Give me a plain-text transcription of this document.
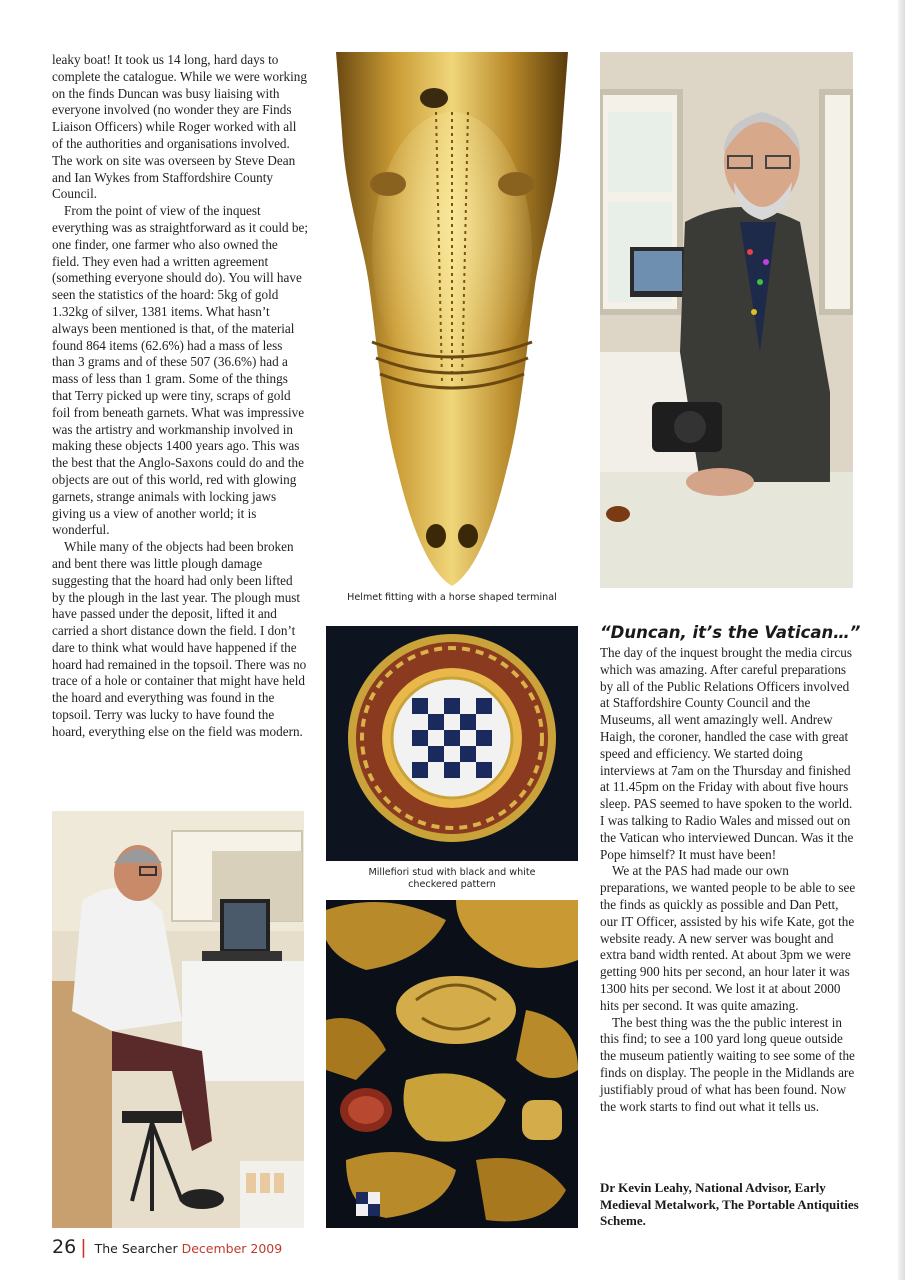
leaky boat! It took us 14 long, hard days to complete the catalogue. While we were working on the finds Duncan was busy liaising with everyone involved (no wonder they are Finds Liaison Officers) while Roger worked with all of the authorities and organisations involved. The work on site was overseen by Steve Dean and Ian Wykes from Staffordshire County Council.

From the point of view of the inquest everything was as straightforward as it could be; one finder, one farmer who also owned the field. They even had a written agreement (something everyone should do). You will have seen the statistics of the hoard: 5kg of gold 1.32kg of silver, 1381 items. What hasn’t always been mentioned is that, of the material found 864 items (62.6%) had a mass of less than 3 grams and of these 507 (36.6%) had a mass of less than 1 gram. Some of the things that Terry picked up were tiny, scraps of gold foil from beneath garnets. What was impressive was the artistry and workmanship involved in making these objects 1400 years ago. This was the best that the Anglo-Saxons could do and the objects are out of this world, red with glowing garnets, strange animals with locking jaws giving us a view of another world; it is wonderful.

While many of the objects had been broken and bent there was little plough damage suggesting that the hoard had only been lifted by the plough in the last year. The plough must have passed under the deposit, lifted it and carried a short distance down the field. I don’t dare to think what would have happened if the hoard had remained in the topsoil. There was no trace of a hole or container that might have held the hoard and everything was found in the topsoil. Terry was lucky to have found the hoard, everything else on the field was modern.

Helmet fitting with a horse shaped terminal
Millefiori stud with black and white checkered pattern
“Duncan, it’s the Vatican…”

The day of the inquest brought the media circus which was amazing. After careful preparations by all of the Public Relations Officers involved at Staffordshire County Council and the Museums, all went amazingly well. Andrew Haigh, the coroner, handled the case with great speed and efficiency. We started doing interviews at 7am on the Thursday and finished at 11.45pm on the Friday with about five hours sleep. PAS seemed to have spoken to the world. I was talking to Radio Wales and missed out on the Vatican who interviewed Duncan. Was it the Pope himself? It must have been!

We at the PAS had made our own preparations, we wanted people to be able to see the finds as quickly as possible and Dan Pett, our IT Officer, assisted by his wife Kate, got the website ready. A new server was bought and extra band width rented. At about 3pm we were getting 900 hits per second, an hour later it was 1300 hits per second. We lost it at about 2000 hits per second. It was quite amazing.

The best thing was the the public interest in this find; to see a 100 yard long queue outside the museum patiently waiting to see some of the finds on display. The people in the Midlands are justifiably proud of what has been found. Now the work starts to find out what it tells us.

Dr Kevin Leahy, National Advisor, Early Medieval Metalwork, The Portable Antiquities Scheme.
26 | The Searcher December 2009
